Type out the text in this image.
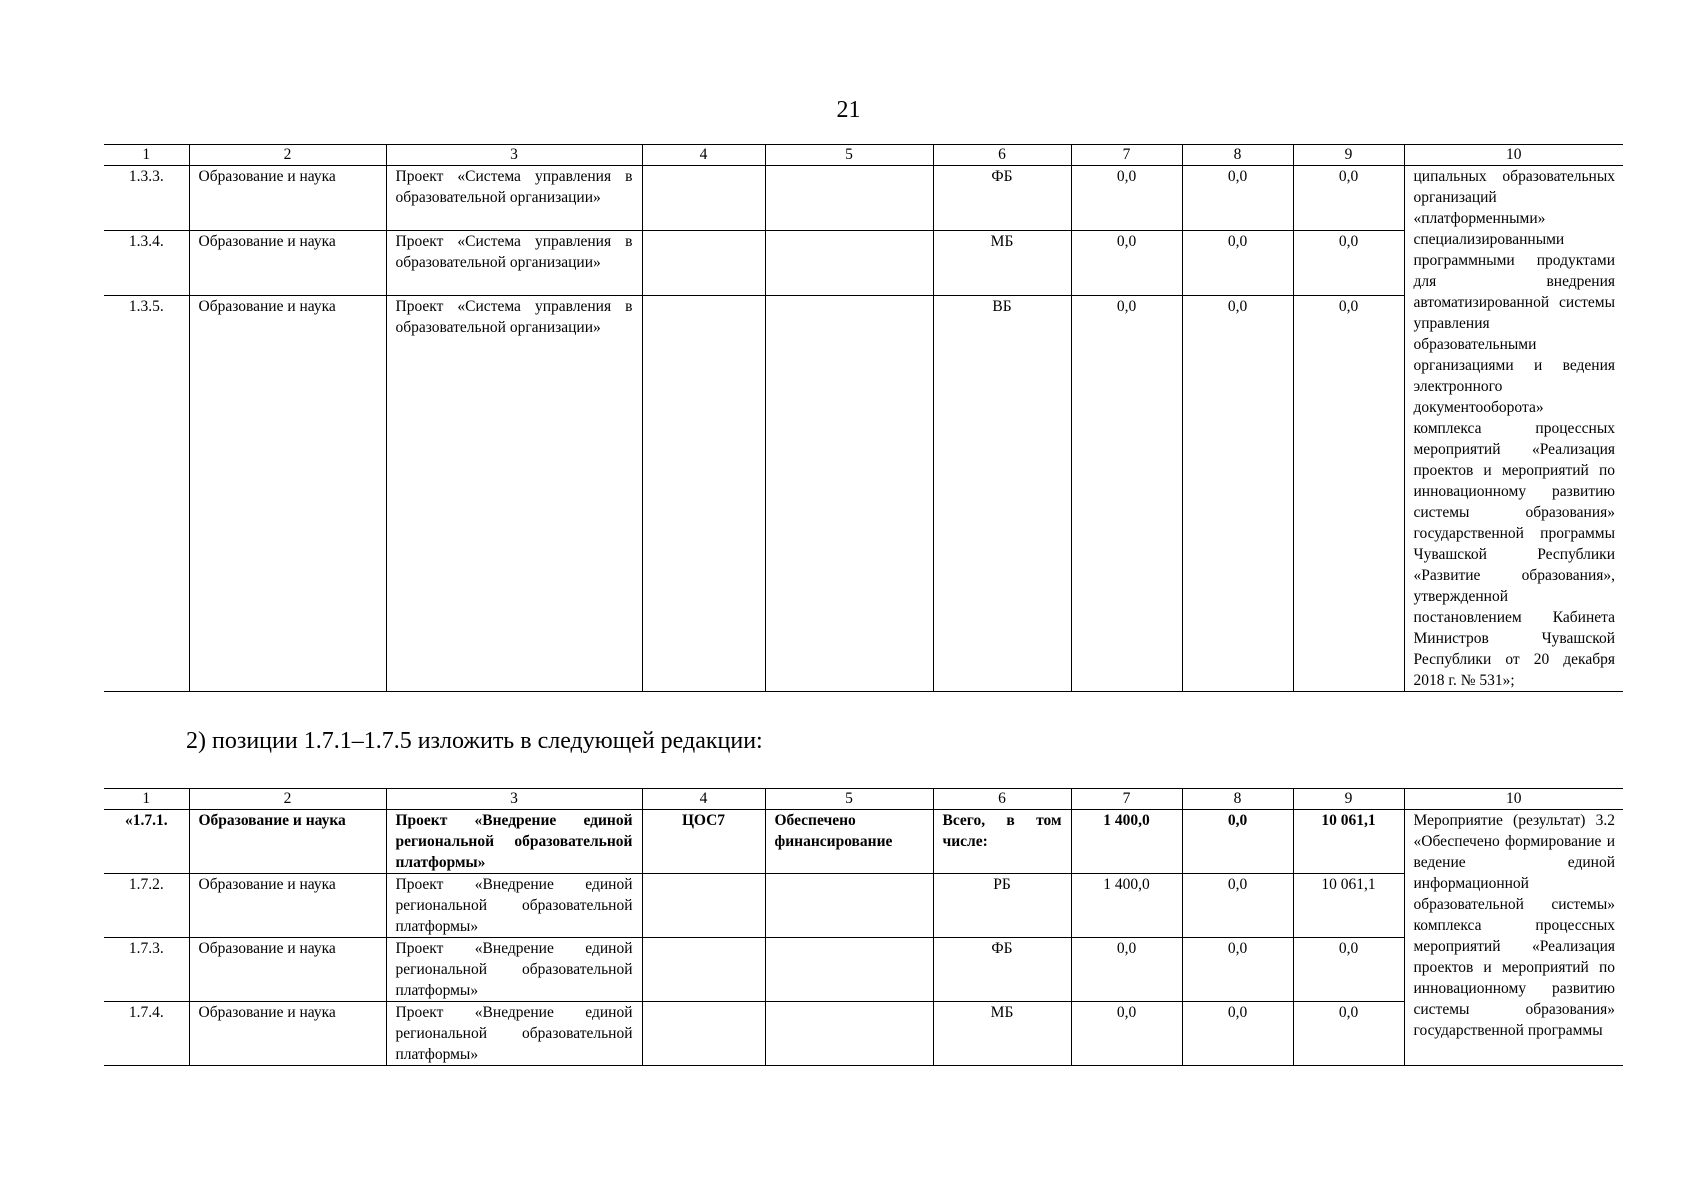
21
1	2	3	4	5	6	7	8	9	10
1.3.3.	Образование и наука	Проект «Система управления в образовательной организации»			ФБ	0,0	0,0	0,0	ципальных образовательных организаций «платформенными» специализированными программными продуктами для внедрения автоматизированной системы управления образовательными организациями и ведения электронного документооборота» комплекса процессных мероприятий «Реализация проектов и мероприятий по инновационному развитию системы образования» государственной программы Чувашской Республики «Развитие образования», утвержденной постановлением Кабинета Министров Чувашской Республики от 20 декабря 2018 г. № 531»;
1.3.4.	Образование и наука	Проект «Система управления в образовательной организации»			МБ	0,0	0,0	0,0	
1.3.5.	Образование и наука	Проект «Система управления в образовательной организации»			ВБ	0,0	0,0	0,0	
2) позиции 1.7.1–1.7.5 изложить в следующей редакции:
1	2	3	4	5	6	7	8	9	10
«1.7.1.	Образование и наука	Проект «Внедрение единой региональной образовательной платформы»	ЦОС7	Обеспечено финансирование	Всего, в том числе:	1 400,0	0,0	10 061,1	Мероприятие (результат) 3.2 «Обеспечено формирование и ведение единой информационной образовательной системы» комплекса процессных мероприятий «Реализация проектов и мероприятий по инновационному развитию системы образования» государственной программы
1.7.2.	Образование и наука	Проект «Внедрение единой региональной образовательной платформы»			РБ	1 400,0	0,0	10 061,1	
1.7.3.	Образование и наука	Проект «Внедрение единой региональной образовательной платформы»			ФБ	0,0	0,0	0,0	
1.7.4.	Образование и наука	Проект «Внедрение единой региональной образовательной платформы»			МБ	0,0	0,0	0,0	
